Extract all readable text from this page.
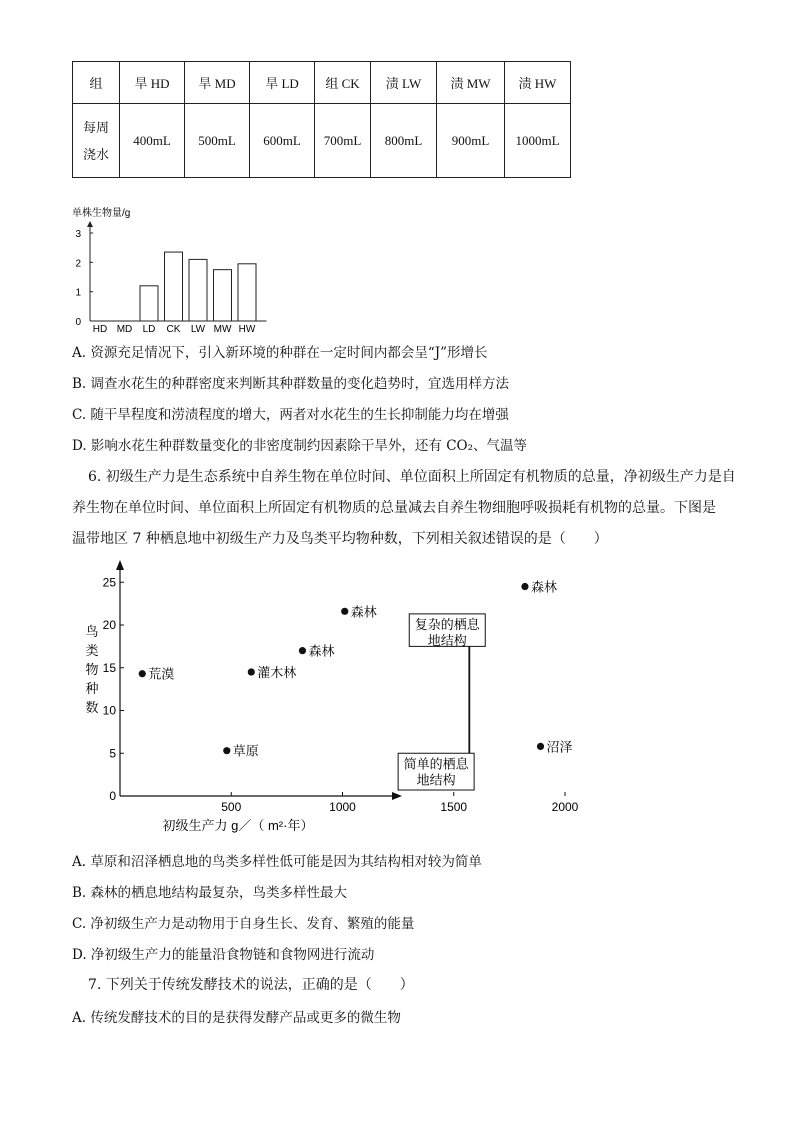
组	旱 HD	旱 MD	旱 LD	组 CK	渍 LW	渍 MW	渍 HW

每周
浇水	400mL	500mL	600mL	700mL	800mL	900mL	1000mL
单株生物量/g
0
1
2
3
HD MD LD CK LW MW HW
A. 资源充足情况下，引入新环境的种群在一定时间内都会呈“J”形增长
B. 调查水花生的种群密度来判断其种群数量的变化趋势时，宜选用样方法
C. 随干旱程度和涝渍程度的增大，两者对水花生的生长抑制能力均在增强
D. 影响水花生种群数量变化的非密度制约因素除干旱外，还有 CO₂、气温等
6. 初级生产力是生态系统中自养生物在单位时间、单位面积上所固定有机物质的总量，净初级生产力是自
养生物在单位时间、单位面积上所固定有机物质的总量减去自养生物细胞呼吸损耗有机物的总量。下图是
温带地区 7 种栖息地中初级生产力及鸟类平均物种数，下列相关叙述错误的是（　　）
0
5
10
15
20
25
500	1000	1500	2000
初级生产力 g／（ m²·年）
鸟
类
物
种
数
复杂的栖息
地结构
简单的栖息
地结构
荒漠
草原
灌木林
森林
森林
森林
沼泽
A. 草原和沼泽栖息地的鸟类多样性低可能是因为其结构相对较为简单
B. 森林的栖息地结构最复杂，鸟类多样性最大
C. 净初级生产力是动物用于自身生长、发育、繁殖的能量
D. 净初级生产力的能量沿食物链和食物网进行流动
7. 下列关于传统发酵技术的说法，正确的是（　　）
A. 传统发酵技术的目的是获得发酵产品或更多的微生物
